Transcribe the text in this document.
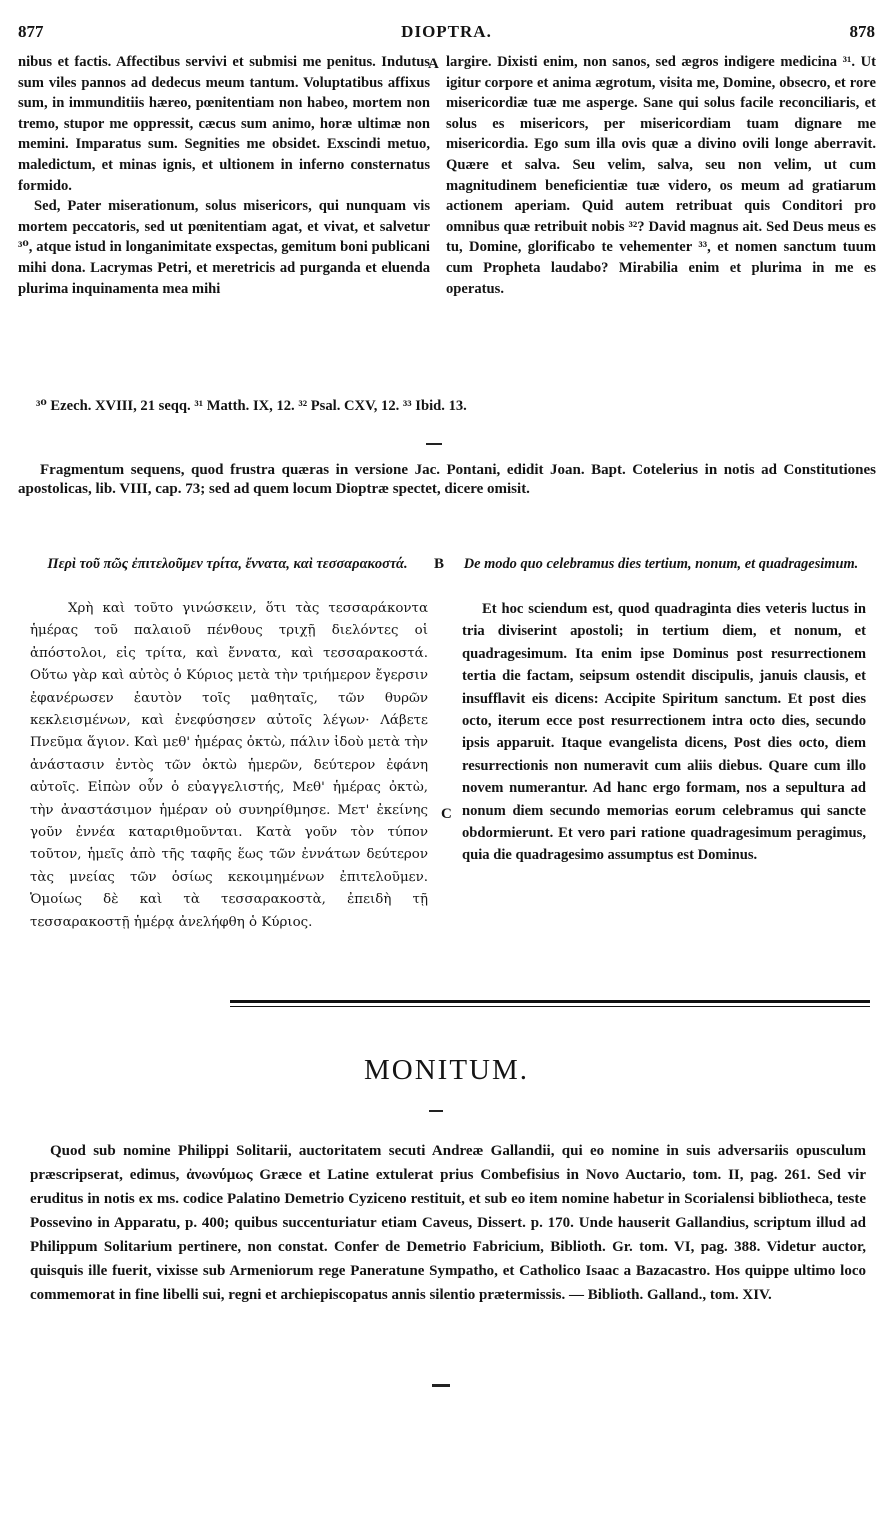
877	DIOPTRA.	878

nibus et factis. Affectibus servivi et submisi me penitus. Indutus sum viles pannos ad dedecus meum tantum. Voluptatibus affixus sum, in immunditiis hæreo, pœnitentiam non habeo, mortem non tremo, stupor me oppressit, cæcus sum animo, horæ ultimæ non memini. Imparatus sum. Segnities me obsidet. Exscindi metuo, maledictum, et minas ignis, et ultionem in inferno consternatus formido.

Sed, Pater miserationum, solus misericors, qui nunquam vis mortem peccatoris, sed ut pœnitentiam agat, et vivat, et salvetur ³⁰, atque istud in longanimitate exspectas, gemitum boni publicani mihi dona. Lacrymas Petri, et meretricis ad purganda et eluenda plurima inquinamenta mea mihi

A largire. Dixisti enim, non sanos, sed ægros indigere medicina ³¹. Ut igitur corpore et anima ægrotum, visita me, Domine, obsecro, et rore misericordiæ tuæ me asperge. Sane qui solus facile reconciliaris, et solus es misericors, per misericordiam tuam dignare me misericordia. Ego sum illa ovis quæ a divino ovili longe aberravit. Quære et salva. Seu velim, salva, seu non velim, ut cum magnitudinem beneficientiæ tuæ videro, os meum ad gratiarum actionem aperiam. Quid autem retribuat quis Conditori pro omnibus quæ retribuit nobis ³²? David magnus ait. Sed Deus meus es tu, Domine, glorificabo te vehementer ³³, et nomen sanctum tuum cum Propheta laudabo? Mirabilia enim et plurima in me es operatus.

³⁰ Ezech. XVIII, 21 seqq. ³¹ Matth. IX, 12. ³² Psal. CXV, 12. ³³ Ibid. 13.
Fragmentum sequens, quod frustra quæras in versione Jac. Pontani, edidit Joan. Bapt. Cotelerius in notis ad Constitutiones apostolicas, lib. VIII, cap. 73; sed ad quem locum Dioptræ spectet, dicere omisit.
Περὶ τοῦ πῶς ἐπιτελοῦμεν τρίτα, ἔννατα, καὶ τεσσαρακοστά.	B	De modo quo celebramus dies tertium, nonum, et quadragesimum.
Χρὴ καὶ τοῦτο γινώσκειν, ὅτι τὰς τεσσαράκοντα ἡμέρας τοῦ παλαιοῦ πένθους τριχῇ διελόντες οἱ ἀπόστολοι, εἰς τρίτα, καὶ ἔννατα, καὶ τεσσαρακοστά. Οὕτω γὰρ καὶ αὐτὸς ὁ Κύριος μετὰ τὴν τριήμερον ἔγερσιν ἐφανέρωσεν ἑαυτὸν τοῖς μαθηταῖς, τῶν θυρῶν κεκλεισμένων, καὶ ἐνεφύσησεν αὐτοῖς λέγων· Λάβετε Πνεῦμα ἅγιον. Καὶ μεθ' ἡμέρας ὀκτὼ, πάλιν ἰδοὺ μετὰ τὴν ἀνάστασιν ἐντὸς τῶν ὀκτὼ ἡμερῶν, δεύτερον ἐφάνη αὐτοῖς. Εἰπὼν οὖν ὁ εὐαγγελιστής, Μεθ' ἡμέρας ὀκτὼ, τὴν ἀναστάσιμον ἡμέραν οὐ συνηρίθμησε. Μετ' ἐκείνης γοῦν ἐννέα καταριθμοῦνται. Κατὰ γοῦν τὸν τύπον τοῦτον, ἡμεῖς ἀπὸ τῆς ταφῆς ἕως τῶν ἐννάτων δεύτερον τὰς μνείας τῶν ὁσίως κεκοιμημένων ἐπιτελοῦμεν. Ὁμοίως δὲ καὶ τὰ τεσσαρακοστὰ, ἐπειδὴ τῇ τεσσαρακοστῇ ἡμέρᾳ ἀνελήφθη ὁ Κύριος.
C
Et hoc sciendum est, quod quadraginta dies veteris luctus in tria diviserint apostoli; in tertium diem, et nonum, et quadragesimum. Ita enim ipse Dominus post resurrectionem tertia die factam, seipsum ostendit discipulis, januis clausis, et insufflavit eis dicens: Accipite Spiritum sanctum. Et post dies octo, iterum ecce post resurrectionem intra octo dies, secundo ipsis apparuit. Itaque evangelista dicens, Post dies octo, diem resurrectionis non numeravit cum aliis diebus. Quare cum illo novem numerantur. Ad hanc ergo formam, nos a sepultura ad nonum diem secundo memorias eorum celebramus qui sancte obdormierunt. Et vero pari ratione quadragesimum peragimus, quia die quadragesimo assumptus est Dominus.
MONITUM.
Quod sub nomine Philippi Solitarii, auctoritatem secuti Andreæ Gallandii, qui eo nomine in suis adversariis opusculum præscripserat, edimus, ἀνωνύμως Græce et Latine extulerat prius Combefisius in Novo Auctario, tom. II, pag. 261. Sed vir eruditus in notis ex ms. codice Palatino Demetrio Cyziceno restituit, et sub eo item nomine habetur in Scorialensi bibliotheca, teste Possevino in Apparatu, p. 400; quibus succenturiatur etiam Caveus, Dissert. p. 170. Unde hauserit Gallandius, scriptum illud ad Philippum Solitarium pertinere, non constat. Confer de Demetrio Fabricium, Biblioth. Gr. tom. VI, pag. 388. Videtur auctor, quisquis ille fuerit, vixisse sub Armeniorum rege Paneratune Sympatho, et Catholico Isaac a Bazacastro. Hos quippe ultimo loco commemorat in fine libelli sui, regni et archiepiscopatus annis silentio prætermissis. — Biblioth. Galland., tom. XIV.
